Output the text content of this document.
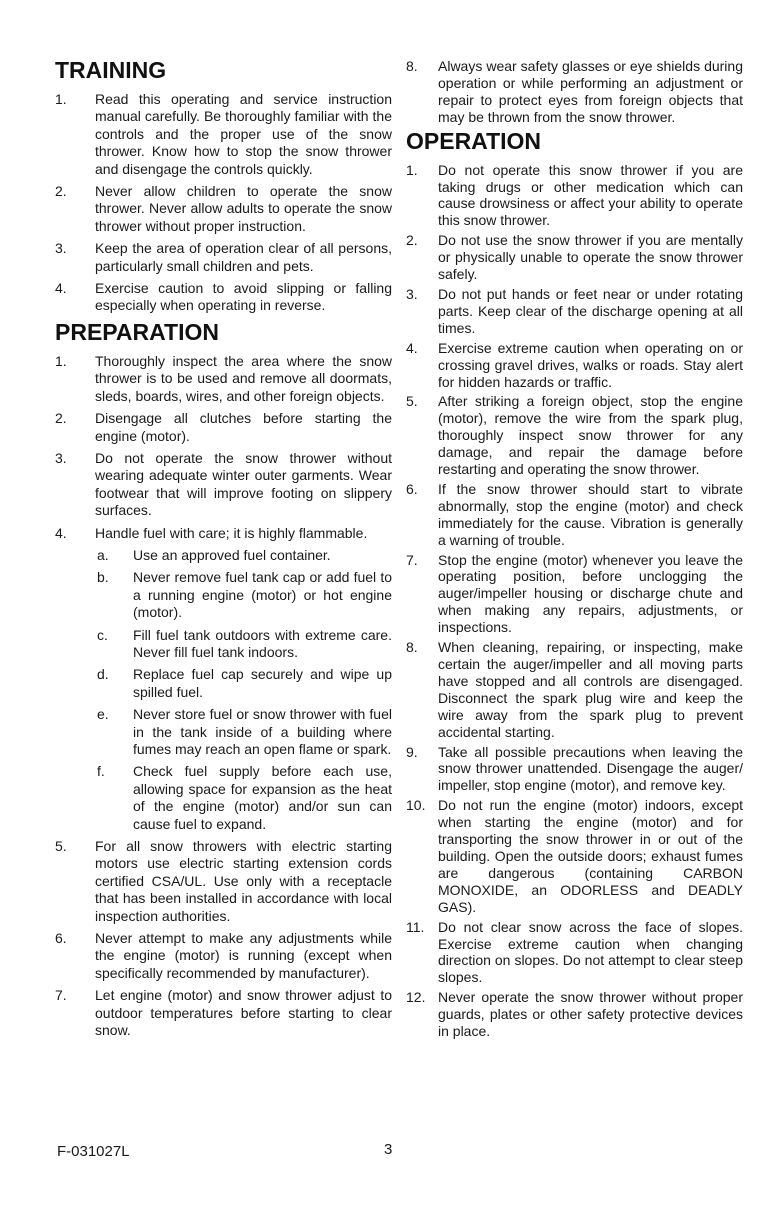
TRAINING
1.	Read this operating and service instruction manual carefully. Be thoroughly familiar with the controls and the proper use of the snow thrower. Know how to stop the snow thrower and disengage the controls quickly.
2.	Never allow children to operate the snow thrower. Never allow adults to operate the snow thrower without proper instruction.
3.	Keep the area of operation clear of all persons, particularly small children and pets.
4.	Exercise caution to avoid slipping or falling especially when operating in reverse.
PREPARATION
1.	Thoroughly inspect the area where the snow thrower is to be used and remove all doormats, sleds, boards, wires, and other foreign objects.
2.	Disengage all clutches before starting the engine (motor).
3.	Do not operate the snow thrower without wearing adequate winter outer garments. Wear footwear that will improve footing on slippery surfaces.
4.	Handle fuel with care; it is highly flammable.
a.	Use an approved fuel container.
b.	Never remove fuel tank cap or add fuel to a running engine (motor) or hot engine (motor).
c.	Fill fuel tank outdoors with extreme care. Never fill fuel tank indoors.
d.	Replace fuel cap securely and wipe up spilled fuel.
e.	Never store fuel or snow thrower with fuel in the tank inside of a building where fumes may reach an open flame or spark.
f.	Check fuel supply before each use, allowing space for expansion as the heat of the engine (motor) and/or sun can cause fuel to expand.
5.	For all snow throwers with electric starting motors use electric starting extension cords certified CSA/UL. Use only with a receptacle that has been installed in accordance with local inspection authorities.
6.	Never attempt to make any adjustments while the engine (motor) is running (except when specifically recommended by manufacturer).
7.	Let engine (motor) and snow thrower adjust to outdoor temperatures before starting to clear snow.
8.	Always wear safety glasses or eye shields during operation or while performing an adjustment or repair to protect eyes from foreign objects that may be thrown from the snow thrower.
OPERATION
1.	Do not operate this snow thrower if you are taking drugs or other medication which can cause drowsiness or affect your ability to operate this snow thrower.
2.	Do not use the snow thrower if you are mentally or physically unable to operate the snow thrower safely.
3.	Do not put hands or feet near or under rotating parts. Keep clear of the discharge opening at all times.
4.	Exercise extreme caution when operating on or crossing gravel drives, walks or roads. Stay alert for hidden hazards or traffic.
5.	After striking a foreign object, stop the engine (motor), remove the wire from the spark plug, thoroughly inspect snow thrower for any damage, and repair the damage before restarting and operating the snow thrower.
6.	If the snow thrower should start to vibrate abnormally, stop the engine (motor) and check immediately for the cause. Vibration is generally a warning of trouble.
7.	Stop the engine (motor) whenever you leave the operating position, before unclogging the auger/impeller housing or discharge chute and when making any repairs, adjustments, or inspections.
8.	When cleaning, repairing, or inspecting, make certain the auger/impeller and all moving parts have stopped and all controls are disengaged. Disconnect the spark plug wire and keep the wire away from the spark plug to prevent accidental starting.
9.	Take all possible precautions when leaving the snow thrower unattended. Disengage the auger/ impeller, stop engine (motor), and remove key.
10. Do not run the engine (motor) indoors, except when starting the engine (motor) and for transporting the snow thrower in or out of the building. Open the outside doors; exhaust fumes are dangerous (containing CARBON MONOXIDE, an ODORLESS and DEADLY GAS).
11. Do not clear snow across the face of slopes. Exercise extreme caution when changing direction on slopes. Do not attempt to clear steep slopes.
12. Never operate the snow thrower without proper guards, plates or other safety protective devices in place.
F-031027L	3
